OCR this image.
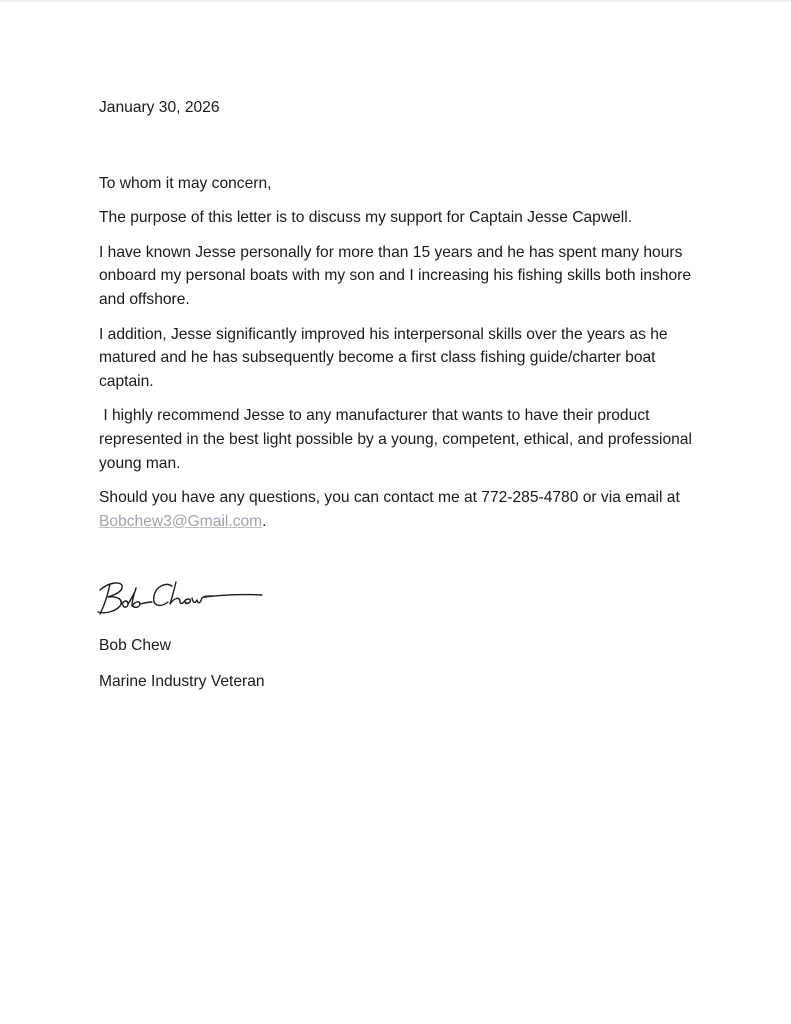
January 30, 2026

To whom it may concern,

The purpose of this letter is to discuss my support for Captain Jesse Capwell.

I have known Jesse personally for more than 15 years and he has spent many hours onboard my personal boats with my son and I increasing his fishing skills both inshore and offshore.

I addition, Jesse significantly improved his interpersonal skills over the years as he matured and he has subsequently become a first class fishing guide/charter boat captain.

I highly recommend Jesse to any manufacturer that wants to have their product represented in the best light possible by a young, competent, ethical, and professional young man.

Should you have any questions, you can contact me at 772-285-4780 or via email at Bobchew3@Gmail.com.

Bob Chew

Marine Industry Veteran
